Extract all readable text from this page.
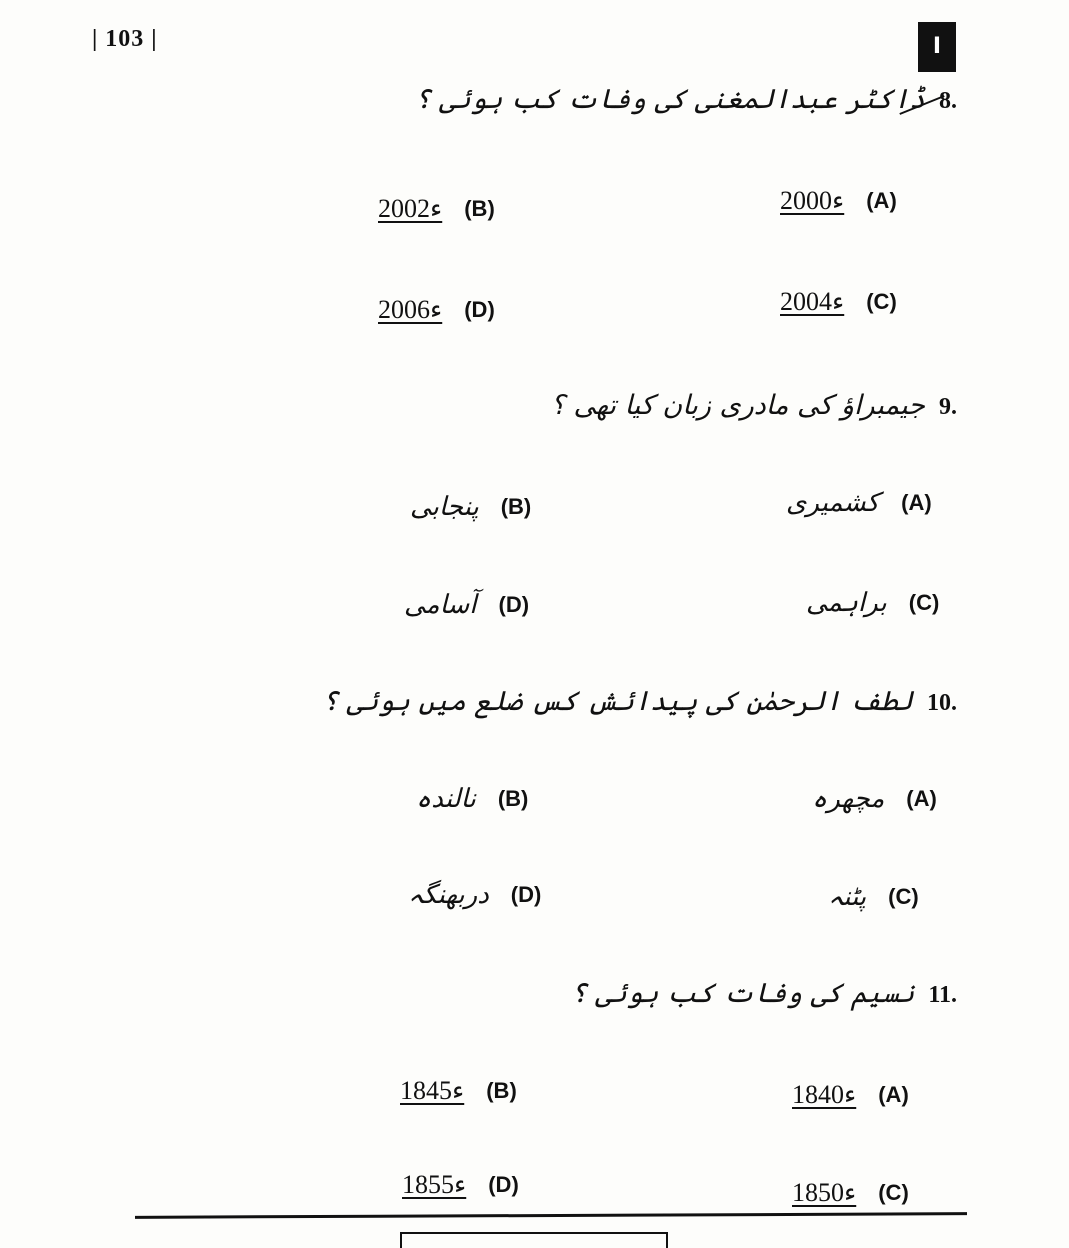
| 103 |	I
8.
ڈاکٹر عبدالمغنی کی وفات کب ہوئی ؟
2000ء (A)
2002ء (B)
2004ء (C)
2006ء (D)
9.
جیمبراؤ کی مادری زبان کیا تھی ؟
کشمیری (A)
پنجابی (B)
براہمی (C)
آسامی (D)
10.
لطف الرحمٰن کی پیدائش کس ضلع میں ہوئی ؟
مچھرہ (A)
نالندہ (B)
پٹنہ (C)
دربھنگہ (D)
11.
نسیم کی وفات کب ہوئی ؟
1840ء (A)
1845ء (B)
1850ء (C)
1855ء (D)
